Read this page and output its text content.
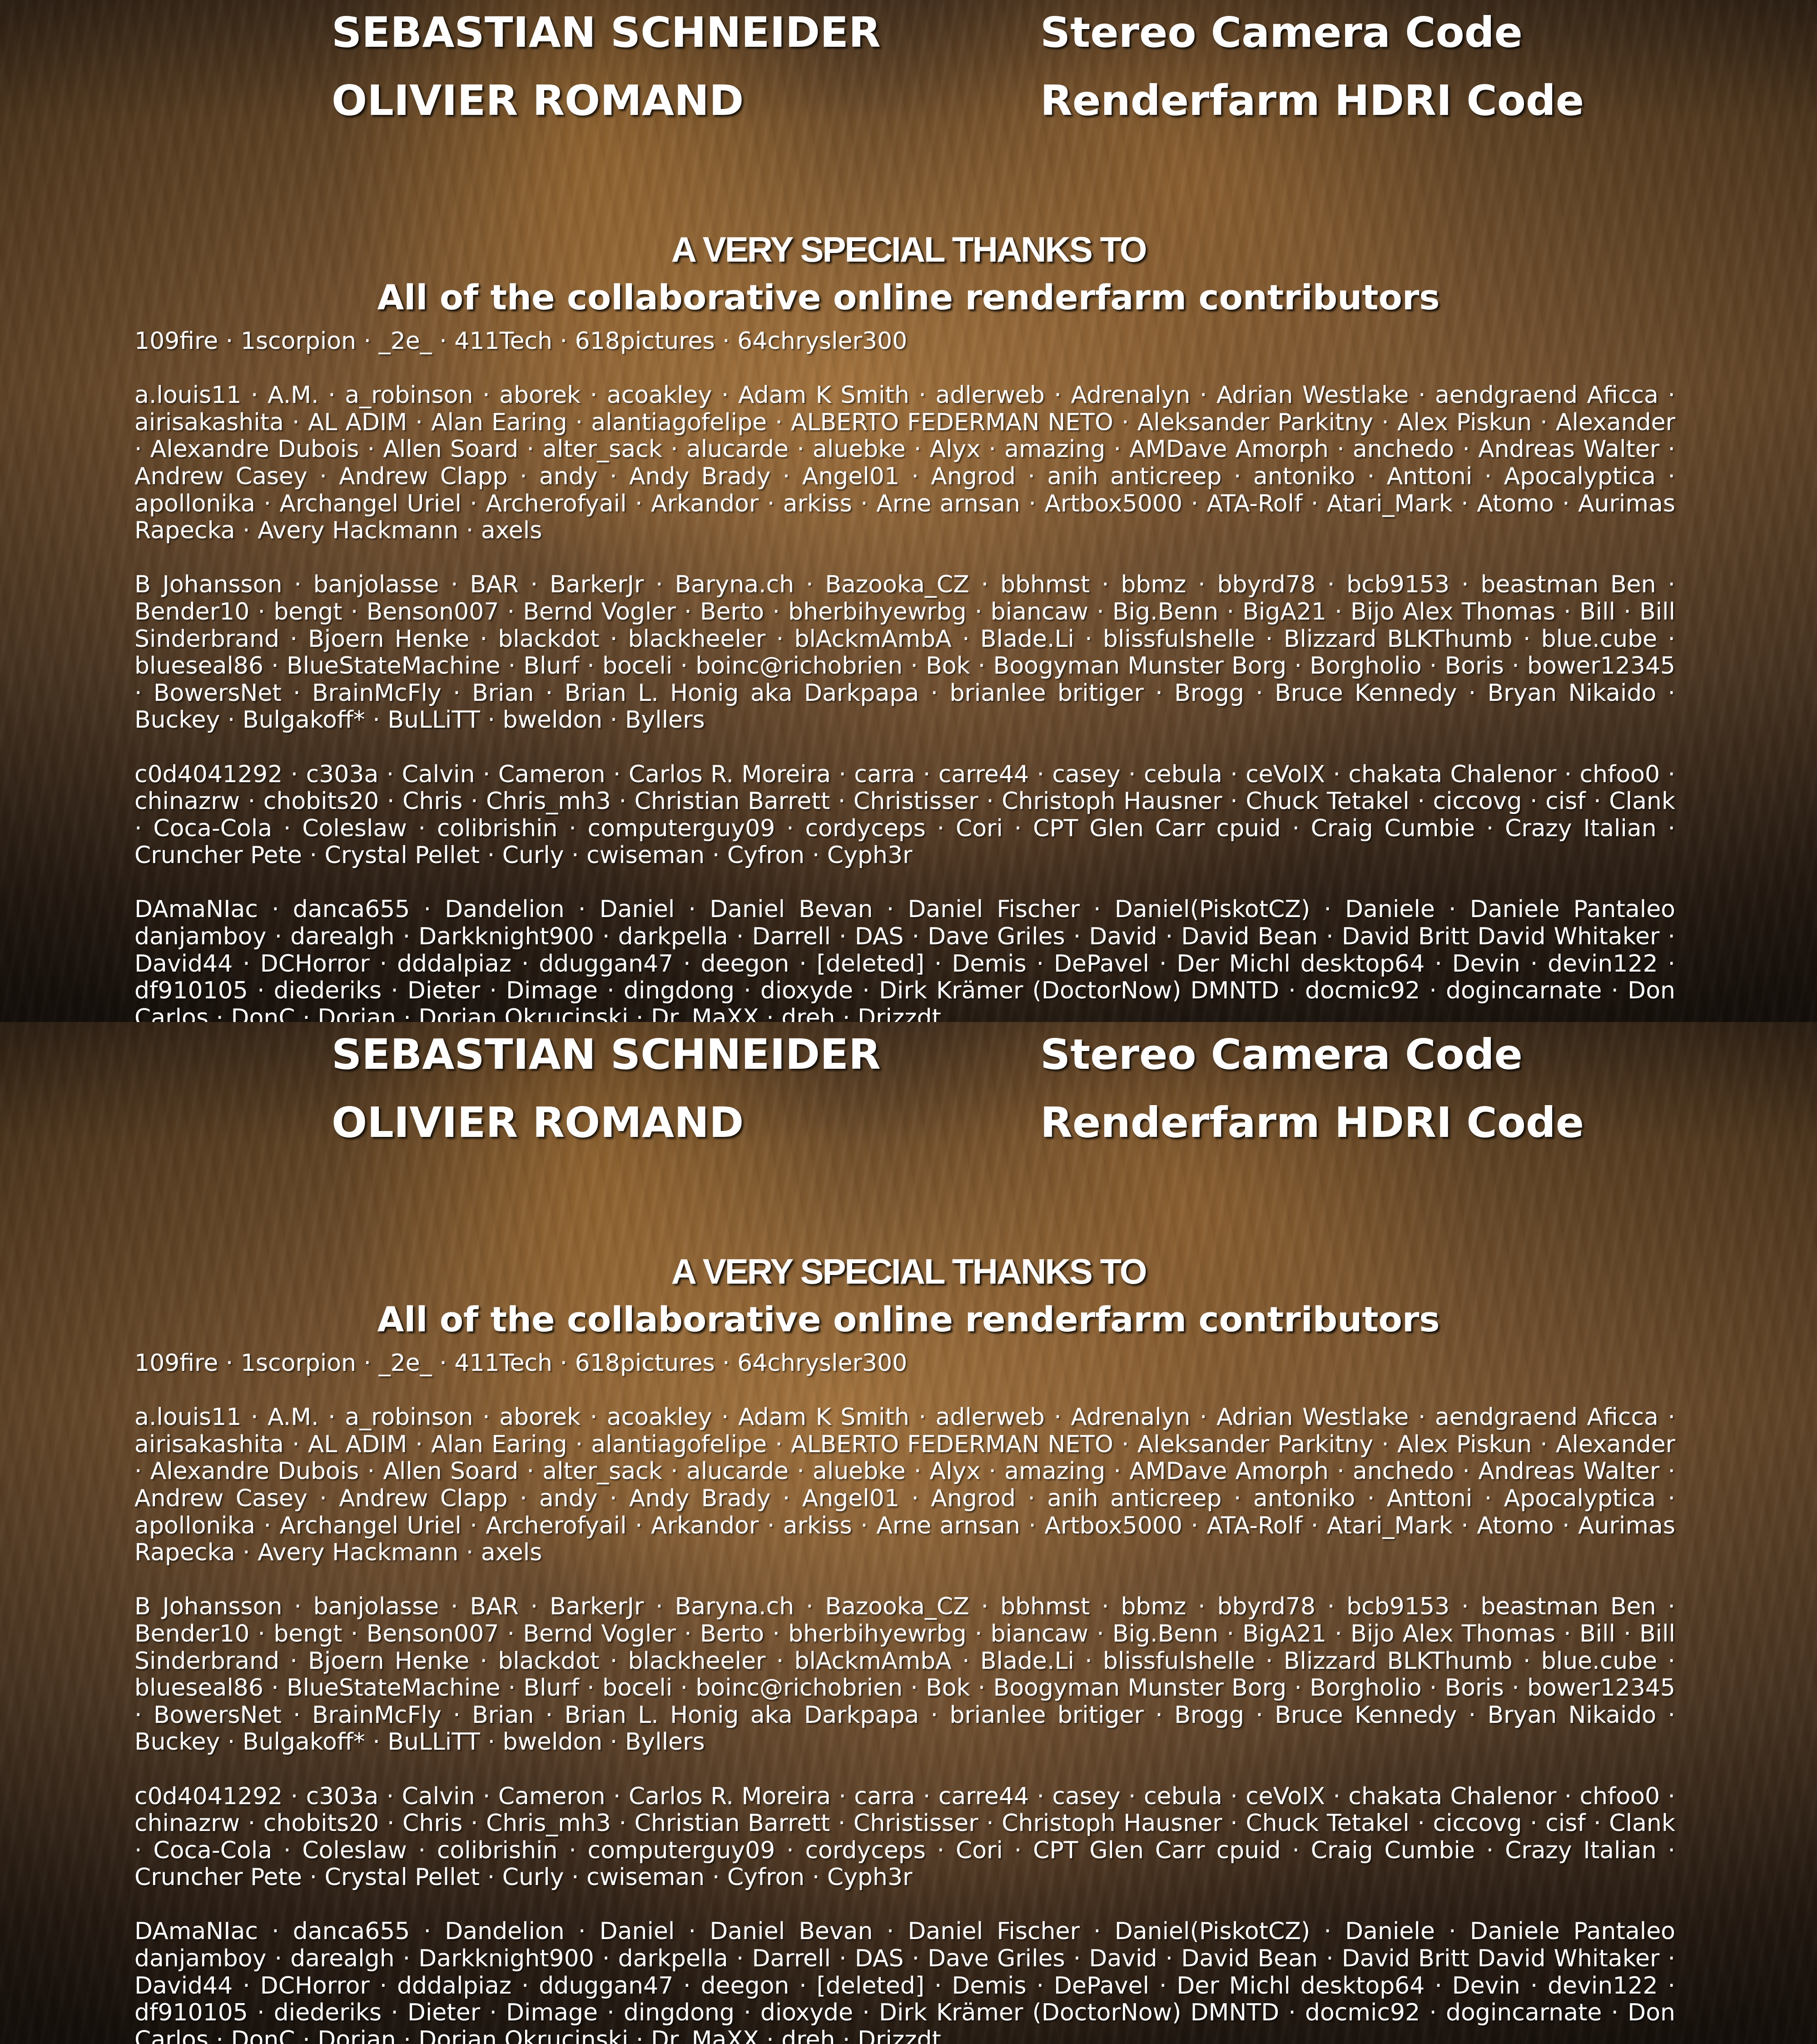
SEBASTIAN SCHNEIDER	Stereo Camera Code
OLIVIER ROMAND	Renderfarm HDRI Code
A VERY SPECIAL THANKS TO
All of the collaborative online renderfarm contributors

109fire · 1scorpion · _2e_ · 411Tech · 618pictures · 64chrysler300

a.louis11 · A.M. · a_robinson · aborek · acoakley · Adam K Smith · adlerweb · Adrenalyn · Adrian Westlake · aendgraend Aficca · airisakashita · AL ADIM · Alan Earing · alantiagofelipe · ALBERTO FEDERMAN NETO · Aleksander Parkitny · Alex Piskun · Alexander · Alexandre Dubois · Allen Soard · alter_sack · alucarde · aluebke · Alyx · amazing · AMDave Amorph · anchedo · Andreas Walter · Andrew Casey · Andrew Clapp · andy · Andy Brady · Angel01 · Angrod · anih anticreep · antoniko · Anttoni · Apocalyptica · apollonika · Archangel Uriel · Archerofyail · Arkandor · arkiss · Arne arnsan · Artbox5000 · ATA-Rolf · Atari_Mark · Atomo · Aurimas Rapecka · Avery Hackmann · axels

B Johansson · banjolasse · BAR · BarkerJr · Baryna.ch · Bazooka_CZ · bbhmst · bbmz · bbyrd78 · bcb9153 · beastman Ben · Bender10 · bengt · Benson007 · Bernd Vogler · Berto · bherbihyewrbg · biancaw · Big.Benn · BigA21 · Bijo Alex Thomas · Bill · Bill Sinderbrand · Bjoern Henke · blackdot · blackheeler · blAckmAmbA · Blade.Li · blissfulshelle · Blizzard BLKThumb · blue.cube · blueseal86 · BlueStateMachine · Blurf · boceli · boinc@richobrien · Bok · Boogyman Munster Borg · Borgholio · Boris · bower12345 · BowersNet · BrainMcFly · Brian · Brian L. Honig aka Darkpapa · brianlee britiger · Brogg · Bruce Kennedy · Bryan Nikaido · Buckey · Bulgakoff* · BuLLiTT · bweldon · Byllers

c0d4041292 · c303a · Calvin · Cameron · Carlos R. Moreira · carra · carre44 · casey · cebula · ceVoIX · chakata Chalenor · chfoo0 · chinazrw · chobits20 · Chris · Chris_mh3 · Christian Barrett · Christisser · Christoph Hausner · Chuck Tetakel · ciccovg · cisf · Clank · Coca-Cola · Coleslaw · colibrishin · computerguy09 · cordyceps · Cori · CPT Glen Carr cpuid · Craig Cumbie · Crazy Italian · Cruncher Pete · Crystal Pellet · Curly · cwiseman · Cyfron · Cyph3r

DAmaNIac · danca655 · Dandelion · Daniel · Daniel Bevan · Daniel Fischer · Daniel(PiskotCZ) · Daniele · Daniele Pantaleo danjamboy · darealgh · Darkknight900 · darkpella · Darrell · DAS · Dave Griles · David · David Bean · David Britt David Whitaker · David44 · DCHorror · dddalpiaz · dduggan47 · deegon · [deleted] · Demis · DePavel · Der Michl desktop64 · Devin · devin122 · df910105 · diederiks · Dieter · Dimage · dingdong · dioxyde · Dirk Krämer (DoctorNow) DMNTD · docmic92 · dogincarnate · Don Carlos · DonC · Dorian · Dorian Okrucinski · Dr. MaXX · dreh · Drizzdt

SEBASTIAN SCHNEIDER	Stereo Camera Code
OLIVIER ROMAND	Renderfarm HDRI Code
A VERY SPECIAL THANKS TO
All of the collaborative online renderfarm contributors

109fire · 1scorpion · _2e_ · 411Tech · 618pictures · 64chrysler300

a.louis11 · A.M. · a_robinson · aborek · acoakley · Adam K Smith · adlerweb · Adrenalyn · Adrian Westlake · aendgraend Aficca · airisakashita · AL ADIM · Alan Earing · alantiagofelipe · ALBERTO FEDERMAN NETO · Aleksander Parkitny · Alex Piskun · Alexander · Alexandre Dubois · Allen Soard · alter_sack · alucarde · aluebke · Alyx · amazing · AMDave Amorph · anchedo · Andreas Walter · Andrew Casey · Andrew Clapp · andy · Andy Brady · Angel01 · Angrod · anih anticreep · antoniko · Anttoni · Apocalyptica · apollonika · Archangel Uriel · Archerofyail · Arkandor · arkiss · Arne arnsan · Artbox5000 · ATA-Rolf · Atari_Mark · Atomo · Aurimas Rapecka · Avery Hackmann · axels

B Johansson · banjolasse · BAR · BarkerJr · Baryna.ch · Bazooka_CZ · bbhmst · bbmz · bbyrd78 · bcb9153 · beastman Ben · Bender10 · bengt · Benson007 · Bernd Vogler · Berto · bherbihyewrbg · biancaw · Big.Benn · BigA21 · Bijo Alex Thomas · Bill · Bill Sinderbrand · Bjoern Henke · blackdot · blackheeler · blAckmAmbA · Blade.Li · blissfulshelle · Blizzard BLKThumb · blue.cube · blueseal86 · BlueStateMachine · Blurf · boceli · boinc@richobrien · Bok · Boogyman Munster Borg · Borgholio · Boris · bower12345 · BowersNet · BrainMcFly · Brian · Brian L. Honig aka Darkpapa · brianlee britiger · Brogg · Bruce Kennedy · Bryan Nikaido · Buckey · Bulgakoff* · BuLLiTT · bweldon · Byllers

c0d4041292 · c303a · Calvin · Cameron · Carlos R. Moreira · carra · carre44 · casey · cebula · ceVoIX · chakata Chalenor · chfoo0 · chinazrw · chobits20 · Chris · Chris_mh3 · Christian Barrett · Christisser · Christoph Hausner · Chuck Tetakel · ciccovg · cisf · Clank · Coca-Cola · Coleslaw · colibrishin · computerguy09 · cordyceps · Cori · CPT Glen Carr cpuid · Craig Cumbie · Crazy Italian · Cruncher Pete · Crystal Pellet · Curly · cwiseman · Cyfron · Cyph3r

DAmaNIac · danca655 · Dandelion · Daniel · Daniel Bevan · Daniel Fischer · Daniel(PiskotCZ) · Daniele · Daniele Pantaleo danjamboy · darealgh · Darkknight900 · darkpella · Darrell · DAS · Dave Griles · David · David Bean · David Britt David Whitaker · David44 · DCHorror · dddalpiaz · dduggan47 · deegon · [deleted] · Demis · DePavel · Der Michl desktop64 · Devin · devin122 · df910105 · diederiks · Dieter · Dimage · dingdong · dioxyde · Dirk Krämer (DoctorNow) DMNTD · docmic92 · dogincarnate · Don Carlos · DonC · Dorian · Dorian Okrucinski · Dr. MaXX · dreh · Drizzdt
